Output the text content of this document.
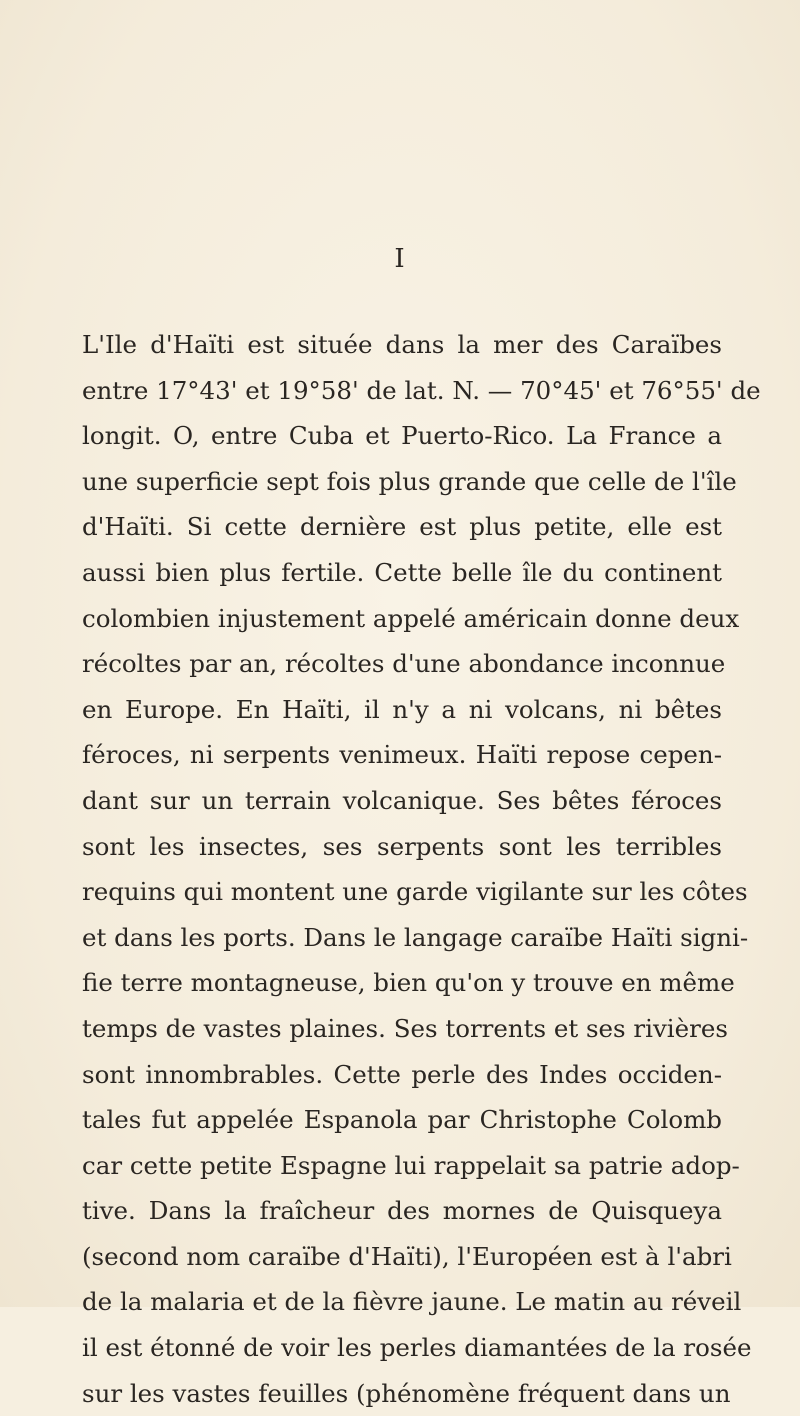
I
L'Ile d'Haïti est située dans la mer des Caraïbes
entre 17°43' et 19°58' de lat. N. — 70°45' et 76°55' de
longit. O, entre Cuba et Puerto-Rico. La France a
une superficie sept fois plus grande que celle de l'île
d'Haïti. Si cette dernière est plus petite, elle est
aussi bien plus fertile. Cette belle île du continent
colombien injustement appelé américain donne deux
récoltes par an, récoltes d'une abondance inconnue
en Europe. En Haïti, il n'y a ni volcans, ni bêtes
féroces, ni serpents venimeux. Haïti repose cepen-
dant sur un terrain volcanique. Ses bêtes féroces
sont les insectes, ses serpents sont les terribles
requins qui montent une garde vigilante sur les côtes
et dans les ports. Dans le langage caraïbe Haïti signi-
fie terre montagneuse, bien qu'on y trouve en même
temps de vastes plaines. Ses torrents et ses rivières
sont innombrables. Cette perle des Indes occiden-
tales fut appelée Espanola par Christophe Colomb
car cette petite Espagne lui rappelait sa patrie adop-
tive. Dans la fraîcheur des mornes de Quisqueya
(second nom caraïbe d'Haïti), l'Européen est à l'abri
de la malaria et de la fièvre jaune. Le matin au réveil
il est étonné de voir les perles diamantées de la rosée
sur les vastes feuilles (phénomène fréquent dans un
